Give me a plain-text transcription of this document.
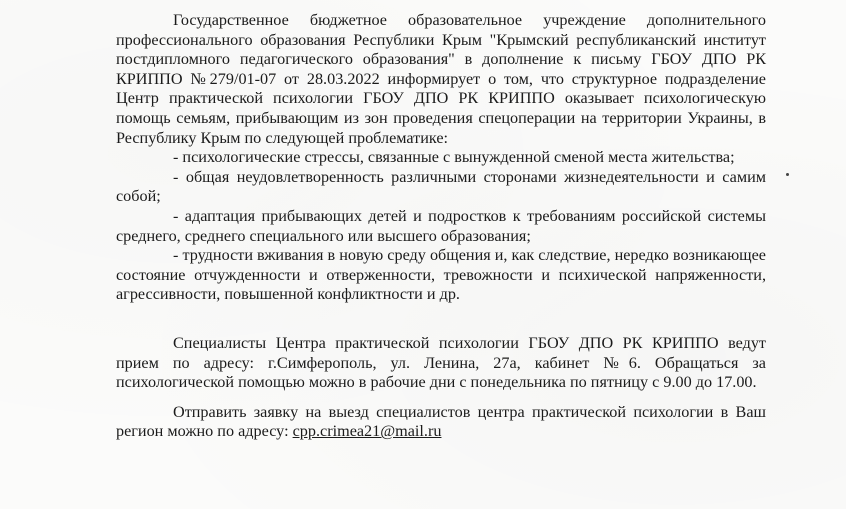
Государственное бюджетное образовательное учреждение дополнительного профессионального образования Республики Крым "Крымский республиканский институт постдипломного педагогического образования" в дополнение к письму ГБОУ ДПО РК КРИППО №279/01-07 от 28.03.2022 информирует о том, что структурное подразделение Центр практической психологии ГБОУ ДПО РК КРИППО оказывает психологическую помощь семьям, прибывающим из зон проведения спецоперации на территории Украины, в Республику Крым по следующей проблематике:

- психологические стрессы, связанные с вынужденной сменой места жительства;

- общая неудовлетворенность различными сторонами жизнедеятельности и самим собой;

- адаптация прибывающих детей и подростков к требованиям российской системы среднего, среднего специального или высшего образования;

- трудности вживания в новую среду общения и, как следствие, нередко возникающее состояние отчужденности и отверженности, тревожности и психической напряженности, агрессивности, повышенной конфликтности и др.

Специалисты Центра практической психологии ГБОУ ДПО РК КРИППО ведут прием по адресу: г.Симферополь, ул. Ленина, 27а, кабинет №6. Обращаться за психологической помощью можно в рабочие дни с понедельника по пятницу с 9.00 до 17.00.

Отправить заявку на выезд специалистов центра практической психологии в Ваш регион можно по адресу: cpp.crimea21@mail.ru
